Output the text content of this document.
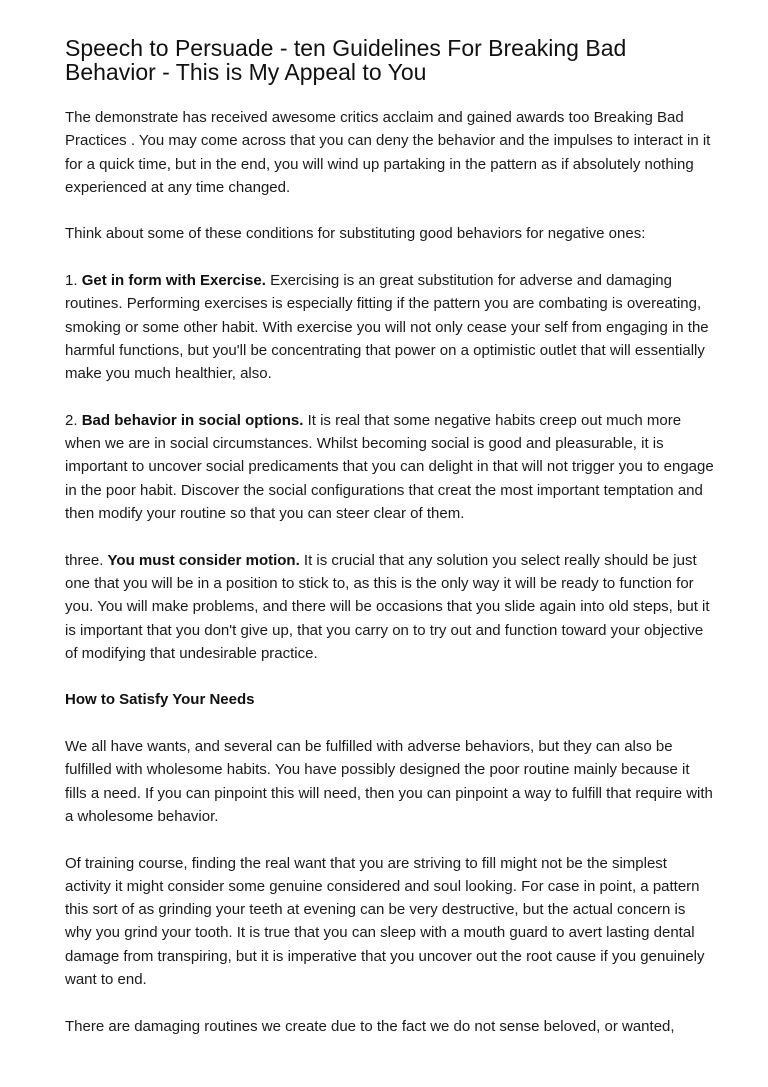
Speech to Persuade - ten Guidelines For Breaking Bad Behavior - This is My Appeal to You

The demonstrate has received awesome critics acclaim and gained awards too Breaking Bad Practices . You may come across that you can deny the behavior and the impulses to interact in it for a quick time, but in the end, you will wind up partaking in the pattern as if absolutely nothing experienced at any time changed.

Think about some of these conditions for substituting good behaviors for negative ones:

1. Get in form with Exercise. Exercising is an great substitution for adverse and damaging routines. Performing exercises is especially fitting if the pattern you are combating is overeating, smoking or some other habit. With exercise you will not only cease your self from engaging in the harmful functions, but you'll be concentrating that power on a optimistic outlet that will essentially make you much healthier, also.

2. Bad behavior in social options. It is real that some negative habits creep out much more when we are in social circumstances. Whilst becoming social is good and pleasurable, it is important to uncover social predicaments that you can delight in that will not trigger you to engage in the poor habit. Discover the social configurations that creat the most important temptation and then modify your routine so that you can steer clear of them.

three. You must consider motion. It is crucial that any solution you select really should be just one that you will be in a position to stick to, as this is the only way it will be ready to function for you. You will make problems, and there will be occasions that you slide again into old steps, but it is important that you don't give up, that you carry on to try out and function toward your objective of modifying that undesirable practice.

How to Satisfy Your Needs

We all have wants, and several can be fulfilled with adverse behaviors, but they can also be fulfilled with wholesome habits. You have possibly designed the poor routine mainly because it fills a need. If you can pinpoint this will need, then you can pinpoint a way to fulfill that require with a wholesome behavior.

Of training course, finding the real want that you are striving to fill might not be the simplest activity it might consider some genuine considered and soul looking. For case in point, a pattern this sort of as grinding your teeth at evening can be very destructive, but the actual concern is why you grind your tooth. It is true that you can sleep with a mouth guard to avert lasting dental damage from transpiring, but it is imperative that you uncover out the root cause if you genuinely want to end.

There are damaging routines we create due to the fact we do not sense beloved, or wanted,
